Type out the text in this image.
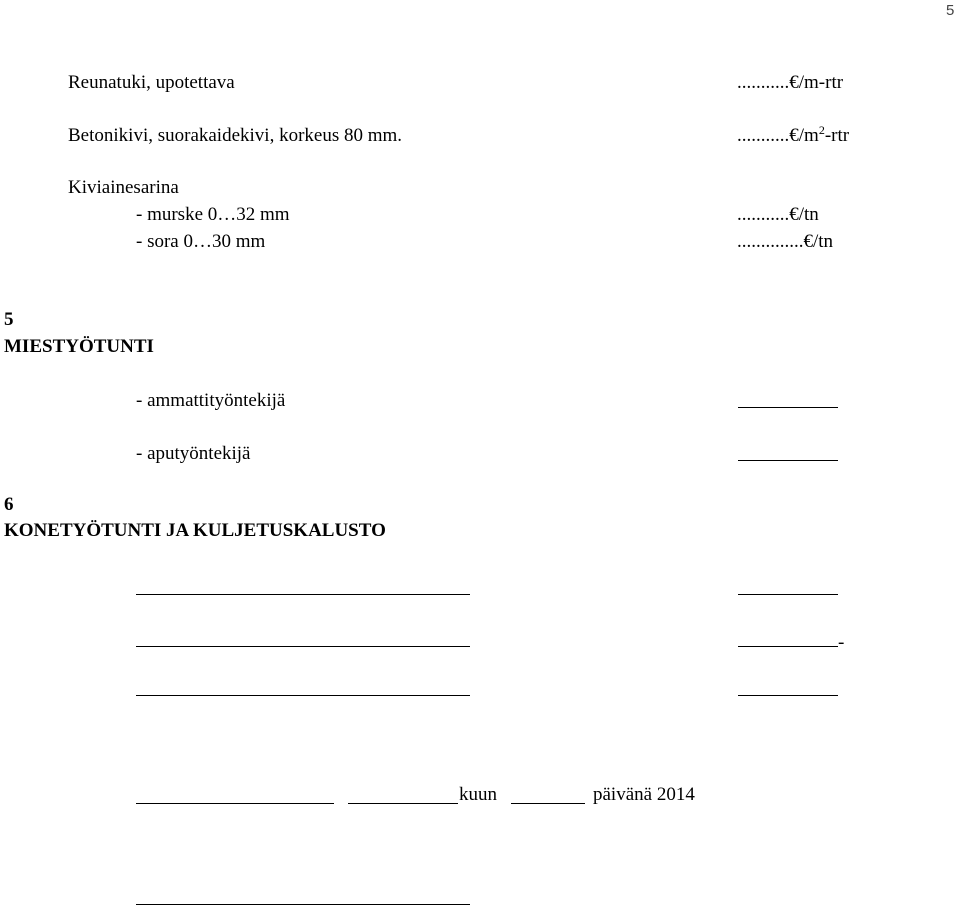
5
Reunatuki, upotettava	...........€/m-rtr
Betonikivi, suorakaidekivi, korkeus 80 mm.	$...........€/m^2$-rtr
Kiviainesarina
- murske 0…32 mm	...........€/tn
- sora 0…30 mm	..............€/tn
5
MIESTYÖTUNTI
- ammattityöntekijä
- aputyöntekijä
6
KONETYÖTUNTI JA KULJETUSKALUSTO
-
kuun	päivänä 2014
